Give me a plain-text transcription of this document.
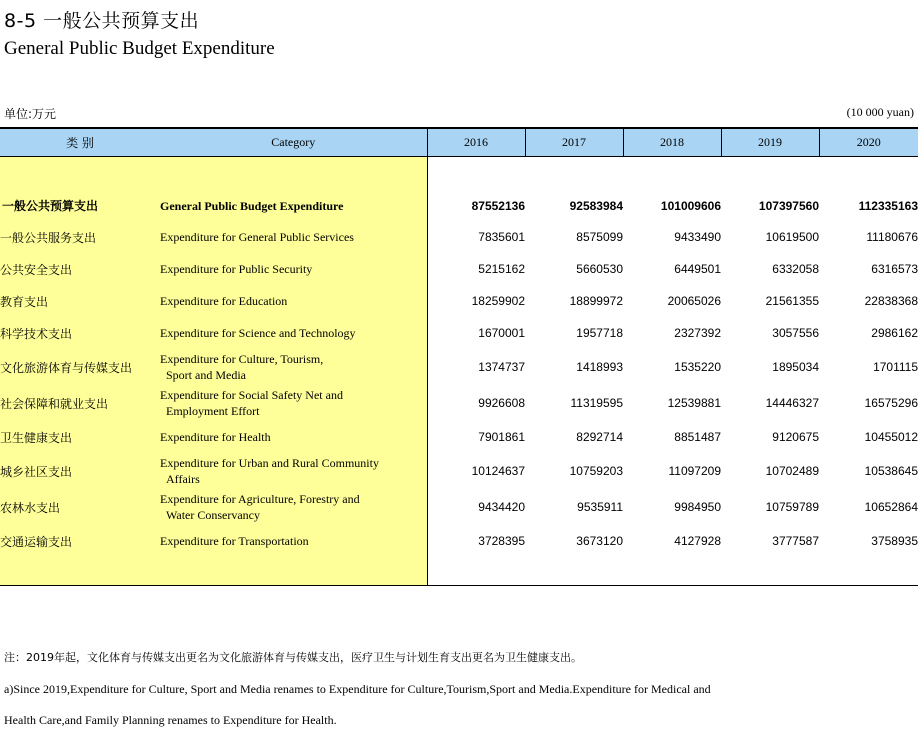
8-5 一般公共预算支出
General Public Budget Expenditure
单位:万元	(10 000 yuan)
类 别	Category	2016	2017	2018	2019	2020

一般公共预算支出	General Public Budget Expenditure	87552136	92583984	101009606	107397560	112335163
一般公共服务支出	Expenditure for General Public Services	7835601	8575099	9433490	10619500	11180676
公共安全支出	Expenditure for Public Security	5215162	5660530	6449501	6332058	6316573
教育支出	Expenditure for Education	18259902	18899972	20065026	21561355	22838368
科学技术支出	Expenditure for Science and Technology	1670001	1957718	2327392	3057556	2986162
文化旅游体育与传媒支出	Expenditure for Culture, Tourism,
Sport and Media	1374737	1418993	1535220	1895034	1701115
社会保障和就业支出	Expenditure for Social Safety Net and
Employment Effort	9926608	11319595	12539881	14446327	16575296
卫生健康支出	Expenditure for Health	7901861	8292714	8851487	9120675	10455012
城乡社区支出	Expenditure for Urban and Rural Community
Affairs	10124637	10759203	11097209	10702489	10538645
农林水支出	Expenditure for Agriculture, Forestry and
Water Conservancy	9434420	9535911	9984950	10759789	10652864
交通运输支出	Expenditure for Transportation	3728395	3673120	4127928	3777587	3758935

注：2019年起，文化体育与传媒支出更名为文化旅游体育与传媒支出，医疗卫生与计划生育支出更名为卫生健康支出。
a)Since 2019,Expenditure for Culture, Sport and Media renames to Expenditure for Culture,Tourism,Sport and Media.Expenditure for Medical and
Health Care,and Family Planning renames to Expenditure for Health.
